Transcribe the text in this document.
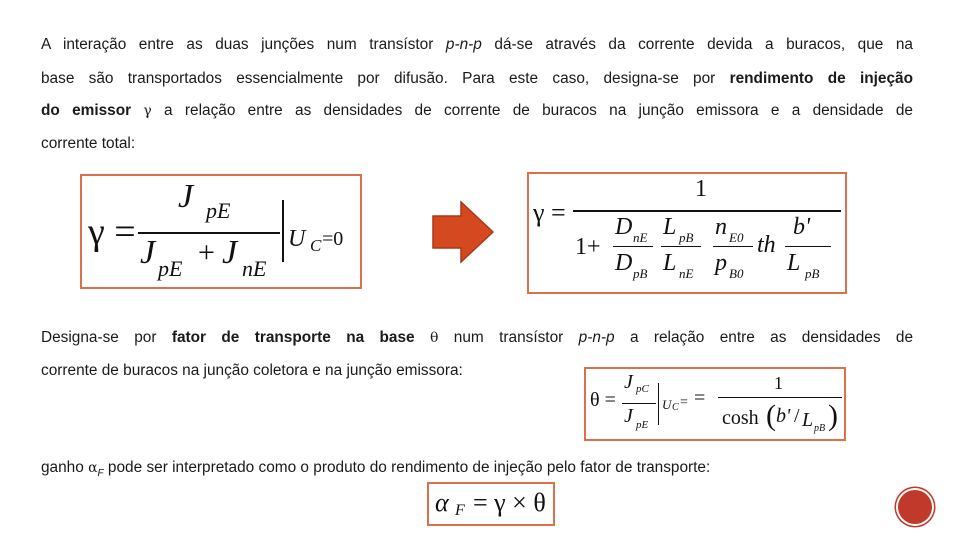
A interação entre as duas junções num transístor p-n-p dá-se através da corrente devida a buracos, que na
base são transportados essencialmente por difusão. Para este caso, designa-se por rendimento de injeção
do emissor γ a relação entre as densidades de corrente de buracos na junção emissora e a densidade de
corrente total:
γ =
J pE
J pE + J nE
U C =0
γ =
1
1+
D nE
D pB
L pB
L nE
n E0
p B0
th
b'
L pB
Designa-se por fator de transporte na base θ num transístor p-n-p a relação entre as densidades de
corrente de buracos na junção coletora e na junção emissora:
θ =
J pC
J pE
U C = =
1
cosh ( b' / L pB )
ganho $\alpha_F$ pode ser interpretado como o produto do rendimento de injeção pelo fator de transporte:
α F = γ × θ
